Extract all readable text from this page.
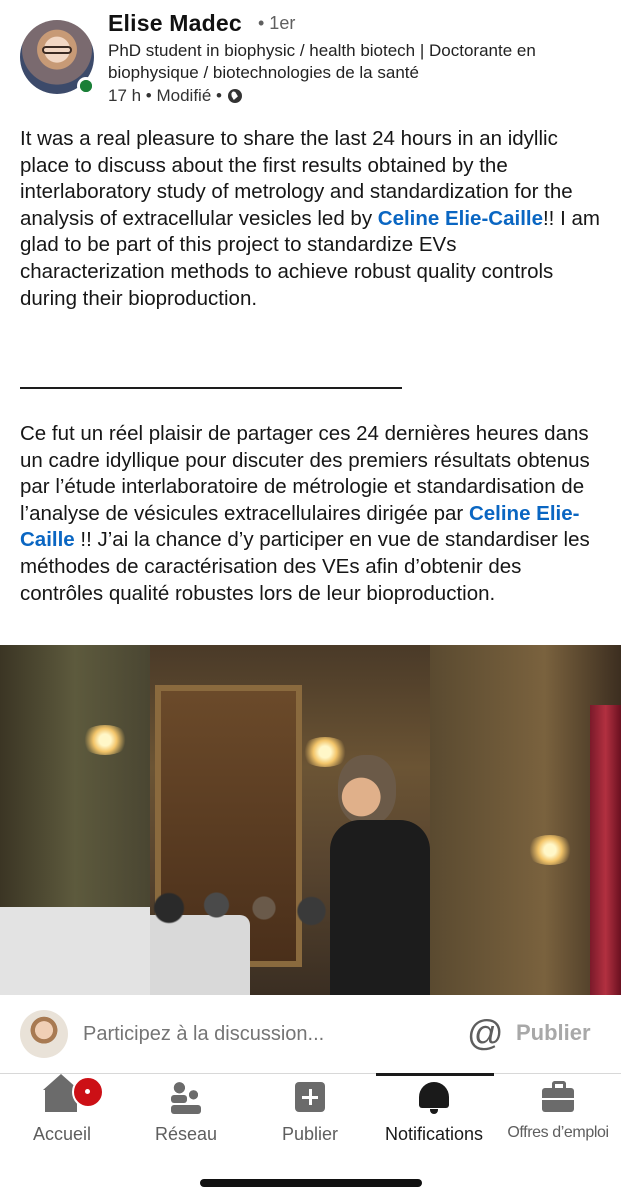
Elise Madec • 1er
PhD student in biophysic / health biotech | Doctorante en biophysique / biotechnologies de la santé
17 h • Modifié •
It was a real pleasure to share the last 24 hours in an idyllic place to discuss about the first results obtained by the interlaboratory study of metrology and standardization for the analysis of extracellular vesicles led by Celine Elie-Caille!! I am glad to be part of this project to standardize EVs characterization methods to achieve robust quality controls during their bioproduction.
Ce fut un réel plaisir de partager ces 24 dernières heures dans un cadre idyllique pour discuter des premiers résultats obtenus par l’étude interlaboratoire de métrologie et standardisation de l’analyse de vésicules extracellulaires dirigée par Celine Elie-Caille !! J’ai la chance d’y participer en vue de standardiser les méthodes de caractérisation des VEs afin d’obtenir des contrôles qualité robustes lors de leur bioproduction.
Participez à la discussion...
@ Publier
Accueil	Réseau	Publier	Notifications Offres d’emploi
